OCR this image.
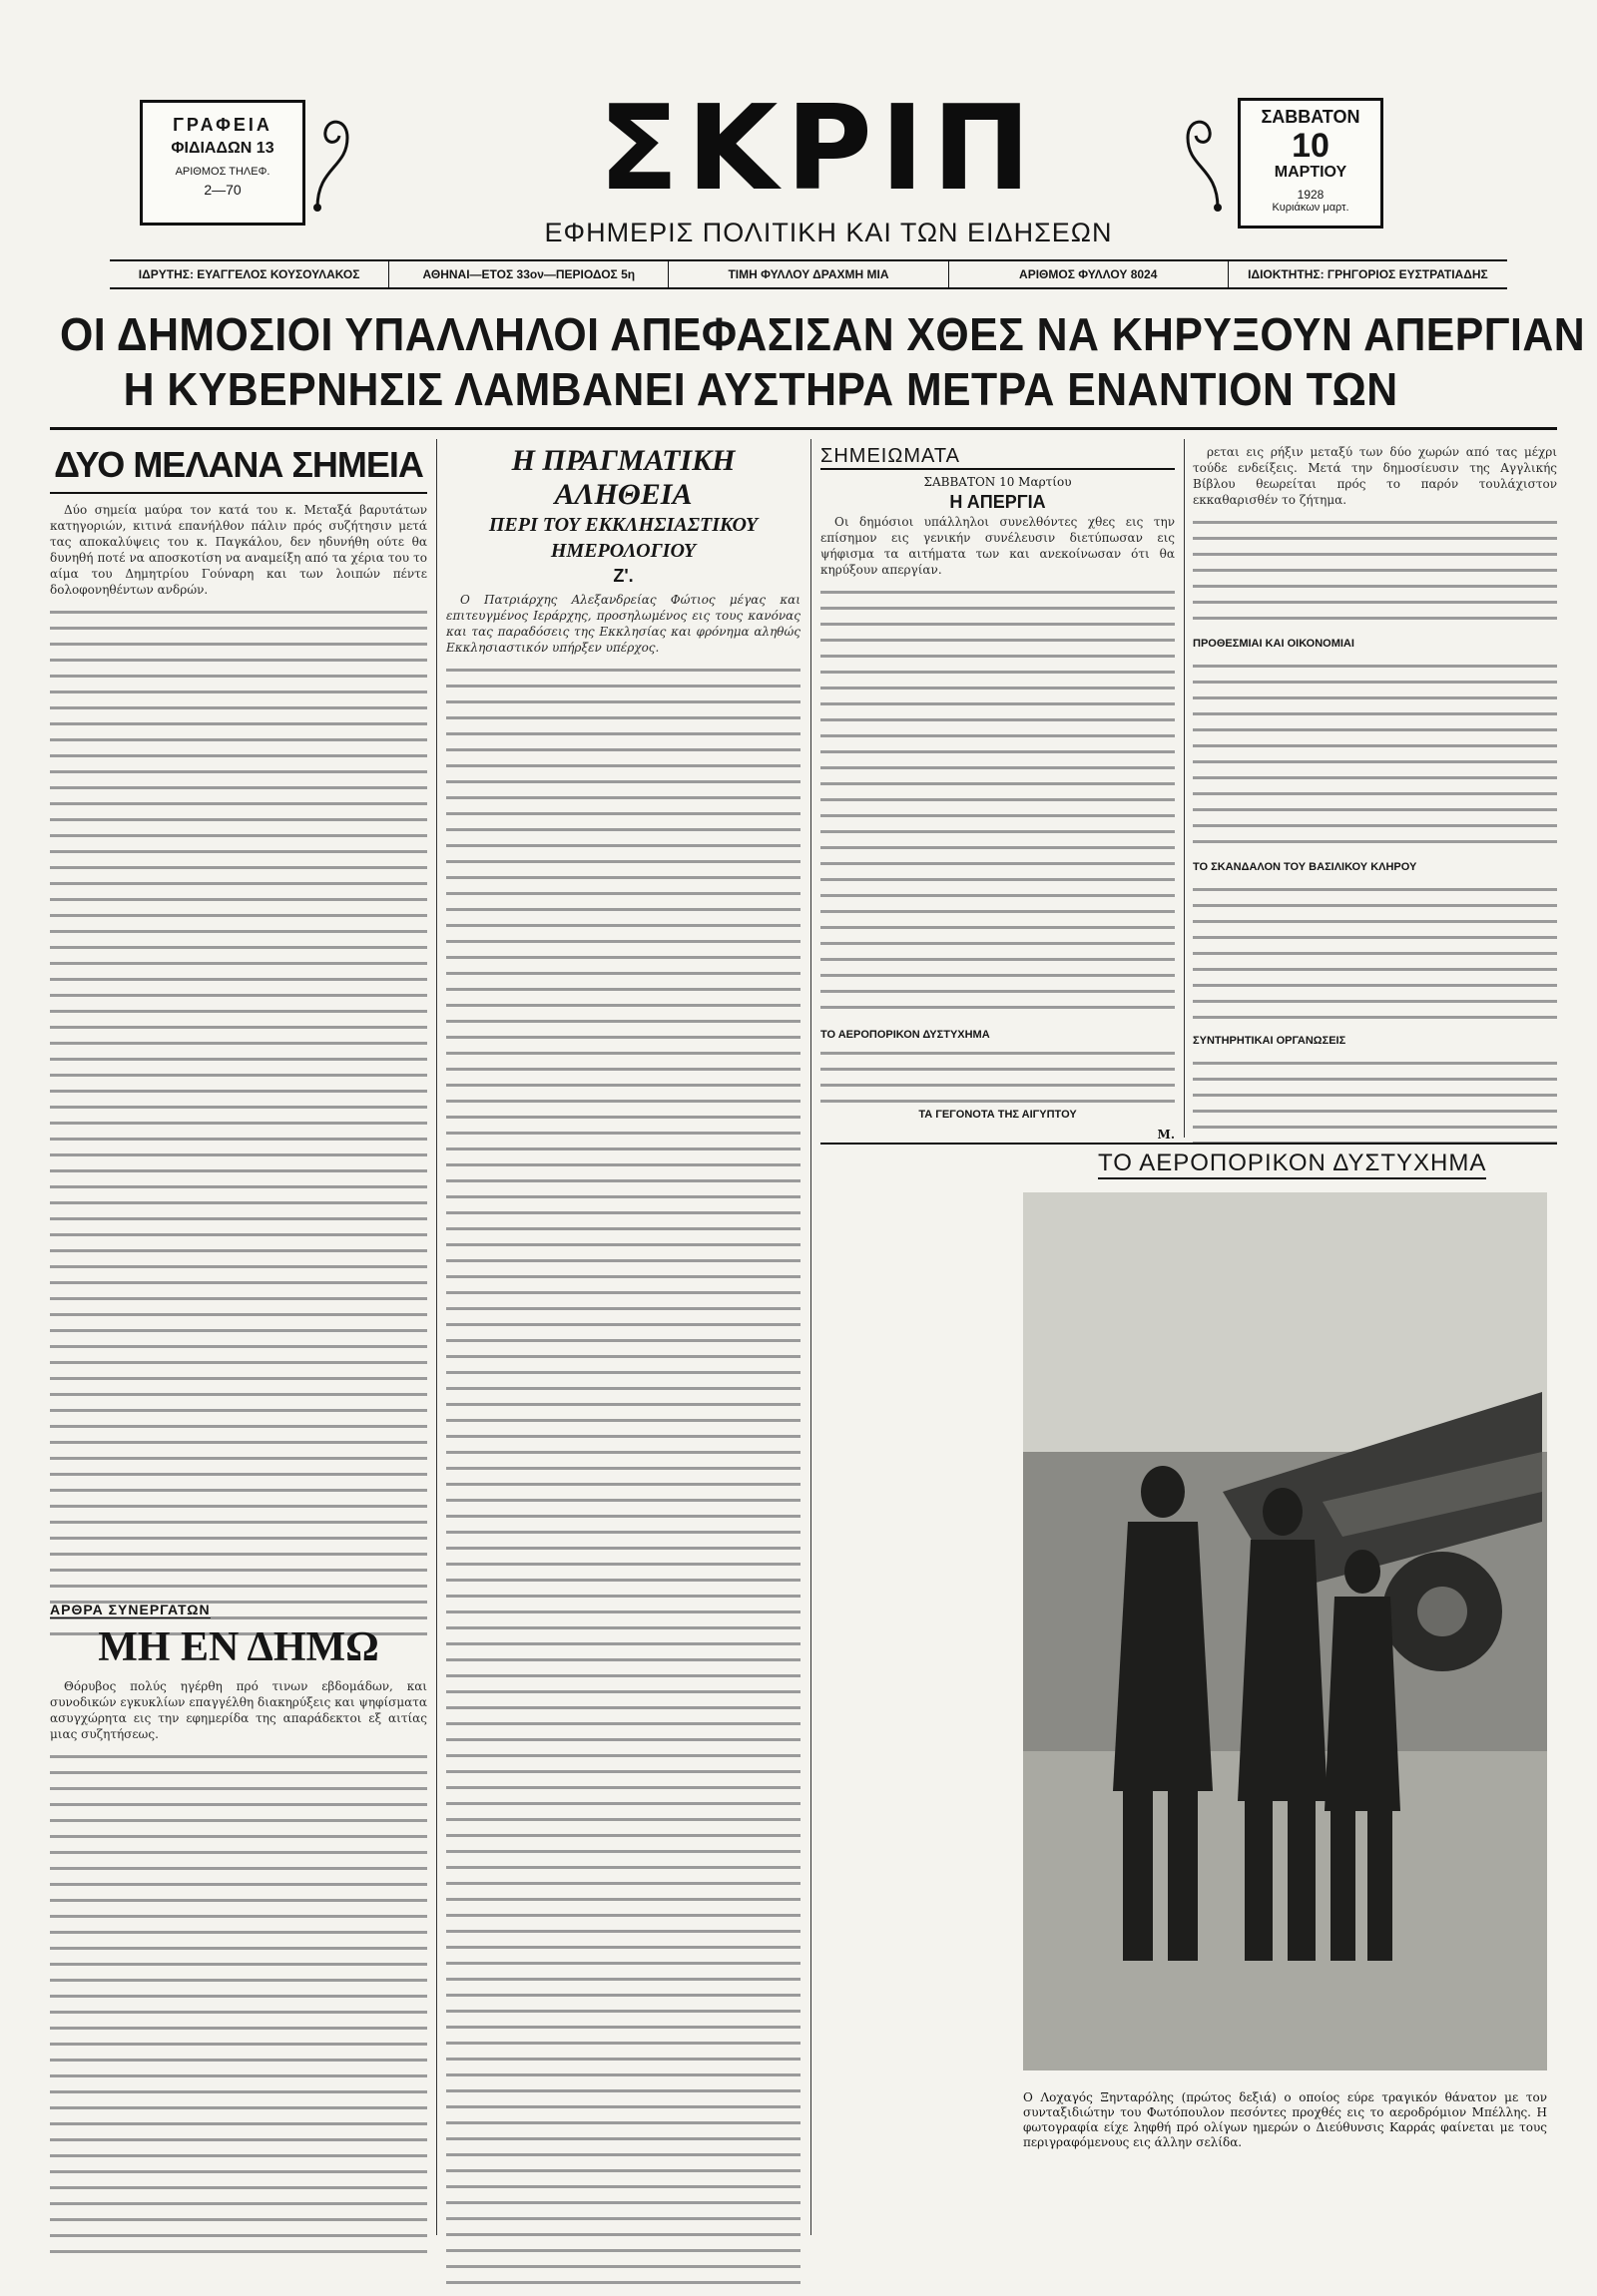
ΓΡΑΦΕΙΑ
ΦΙΔΙΑΔΩΝ 13
ΑΡΙΘΜΟΣ ΤΗΛΕΦ.
2—70	ΣΚΡΙΠ	ΣΑΒΒΑΤΟΝ
10
ΜΑΡΤΙΟΥ
1928
Κυριάκων μαρτ.
ΕΦΗΜΕΡΙΣ ΠΟΛΙΤΙΚΗ ΚΑΙ ΤΩΝ ΕΙΔΗΣΕΩΝ
ΙΔΡΥΤΗΣ: ΕΥΑΓΓΕΛΟΣ ΚΟΥΣΟΥΛΑΚΟΣ	ΑΘΗΝΑΙ—ΕΤΟΣ 33ον—ΠΕΡΙΟΔΟΣ 5η	ΤΙΜΗ ΦΥΛΛΟΥ ΔΡΑΧΜΗ ΜΙΑ	ΑΡΙΘΜΟΣ ΦΥΛΛΟΥ 8024	ΙΔΙΟΚΤΗΤΗΣ: ΓΡΗΓΟΡΙΟΣ ΕΥΣΤΡΑΤΙΑΔΗΣ
ΟΙ ΔΗΜΟΣΙΟΙ ΥΠΑΛΛΗΛΟΙ ΑΠΕΦΑΣΙΣΑΝ ΧΘΕΣ ΝΑ ΚΗΡΥΞΟΥΝ ΑΠΕΡΓΙΑΝ
Η ΚΥΒΕΡΝΗΣΙΣ ΛΑΜΒΑΝΕΙ ΑΥΣΤΗΡΑ ΜΕΤΡΑ ΕΝΑΝΤΙΟΝ ΤΩΝ
ΔΥΟ ΜΕΛΑΝΑ ΣΗΜΕΙΑ

Δύο σημεία μαύρα τον κατά του κ. Μεταξά βαρυτάτων κατηγοριών, κιτινά επανήλθον πάλιν πρός συζήτησιν μετά τας αποκαλύψεις του κ. Παγκάλου, δεν ηδυνήθη ούτε θα δυνηθή ποτέ να αποσκοτίση να αναμείξη από τα χέρια του το αίμα του Δημητρίου Γούναρη και των λοιπών πέντε δολοφονηθέντων ανδρών.

ΑΡΘΡΑ ΣΥΝΕΡΓΑΤΩΝ
ΜΗ ΕΝ ΔΗΜΩ

Θόρυβος πολύς ηγέρθη πρό τινων εβδομάδων, και συνοδικών εγκυκλίων επαγγέλθη διακηρύξεις και ψηφίσματα ασυγχώρητα εις την εφημερίδα της απαράδεκτοι εξ αιτίας μιας συζητήσεως.

Η ΠΡΑΓΜΑΤΙΚΗ ΑΛΗΘΕΙΑ
ΠΕΡΙ ΤΟΥ ΕΚΚΛΗΣΙΑΣΤΙΚΟΥ ΗΜΕΡΟΛΟΓΙΟΥ
Ζ'.

Ο Πατριάρχης Αλεξανδρείας Φώτιος μέγας και επιτευγμένος Ιεράρχης, προσηλωμένος εις τους κανόνας και τας παραδόσεις της Εκκλησίας και φρόνημα αληθώς Εκκλησιαστικόν υπήρξεν υπέρχος.

ΣΗΜΕΙΩΜΑΤΑ
ΣΑΒΒΑΤΟΝ 10 Μαρτίου
Η ΑΠΕΡΓΙΑ

Οι δημόσιοι υπάλληλοι συνελθόντες χθες εις την επίσημον εις γενικήν συνέλευσιν διετύπωσαν εις ψήφισμα τα αιτήματα των και ανεκοίνωσαν ότι θα κηρύξουν απεργίαν.

ΤΟ ΑΕΡΟΠΟΡΙΚΟΝ ΔΥΣΤΥΧΗΜΑ
ΤΑ ΓΕΓΟΝΟΤΑ ΤΗΣ ΑΙΓΥΠΤΟΥ
Μ.

ρεται εις ρήξιν μεταξύ των δύο χωρών από τας μέχρι τούδε ενδείξεις. Μετά την δημοσίευσιν της Αγγλικής Βίβλου θεωρείται πρός το παρόν τουλάχιστον εκκαθαρισθέν το ζήτημα.

ΠΡΟΘΕΣΜΙΑΙ ΚΑΙ ΟΙΚΟΝΟΜΙΑΙ
ΤΟ ΣΚΑΝΔΑΛΟΝ ΤΟΥ ΒΑΣΙΛΙΚΟΥ ΚΛΗΡΟΥ
ΣΥΝΤΗΡΗΤΙΚΑΙ ΟΡΓΑΝΩΣΕΙΣ
ΤΟ ΑΕΡΟΠΟΡΙΚΟΝ ΔΥΣΤΥΧΗΜΑ
Ο Λοχαγός Ξηνταρόλης (πρώτος δεξιά) ο οποίος εύρε τραγικόν θάνατον με τον συνταξιδιώτην του Φωτόπουλον πεσόντες προχθές εις το αεροδρόμιον Μπέλλης. Η φωτογραφία είχε ληφθή πρό ολίγων ημερών ο Διεύθυνσις Καρράς φαίνεται με τους περιγραφόμενους εις άλλην σελίδα.
